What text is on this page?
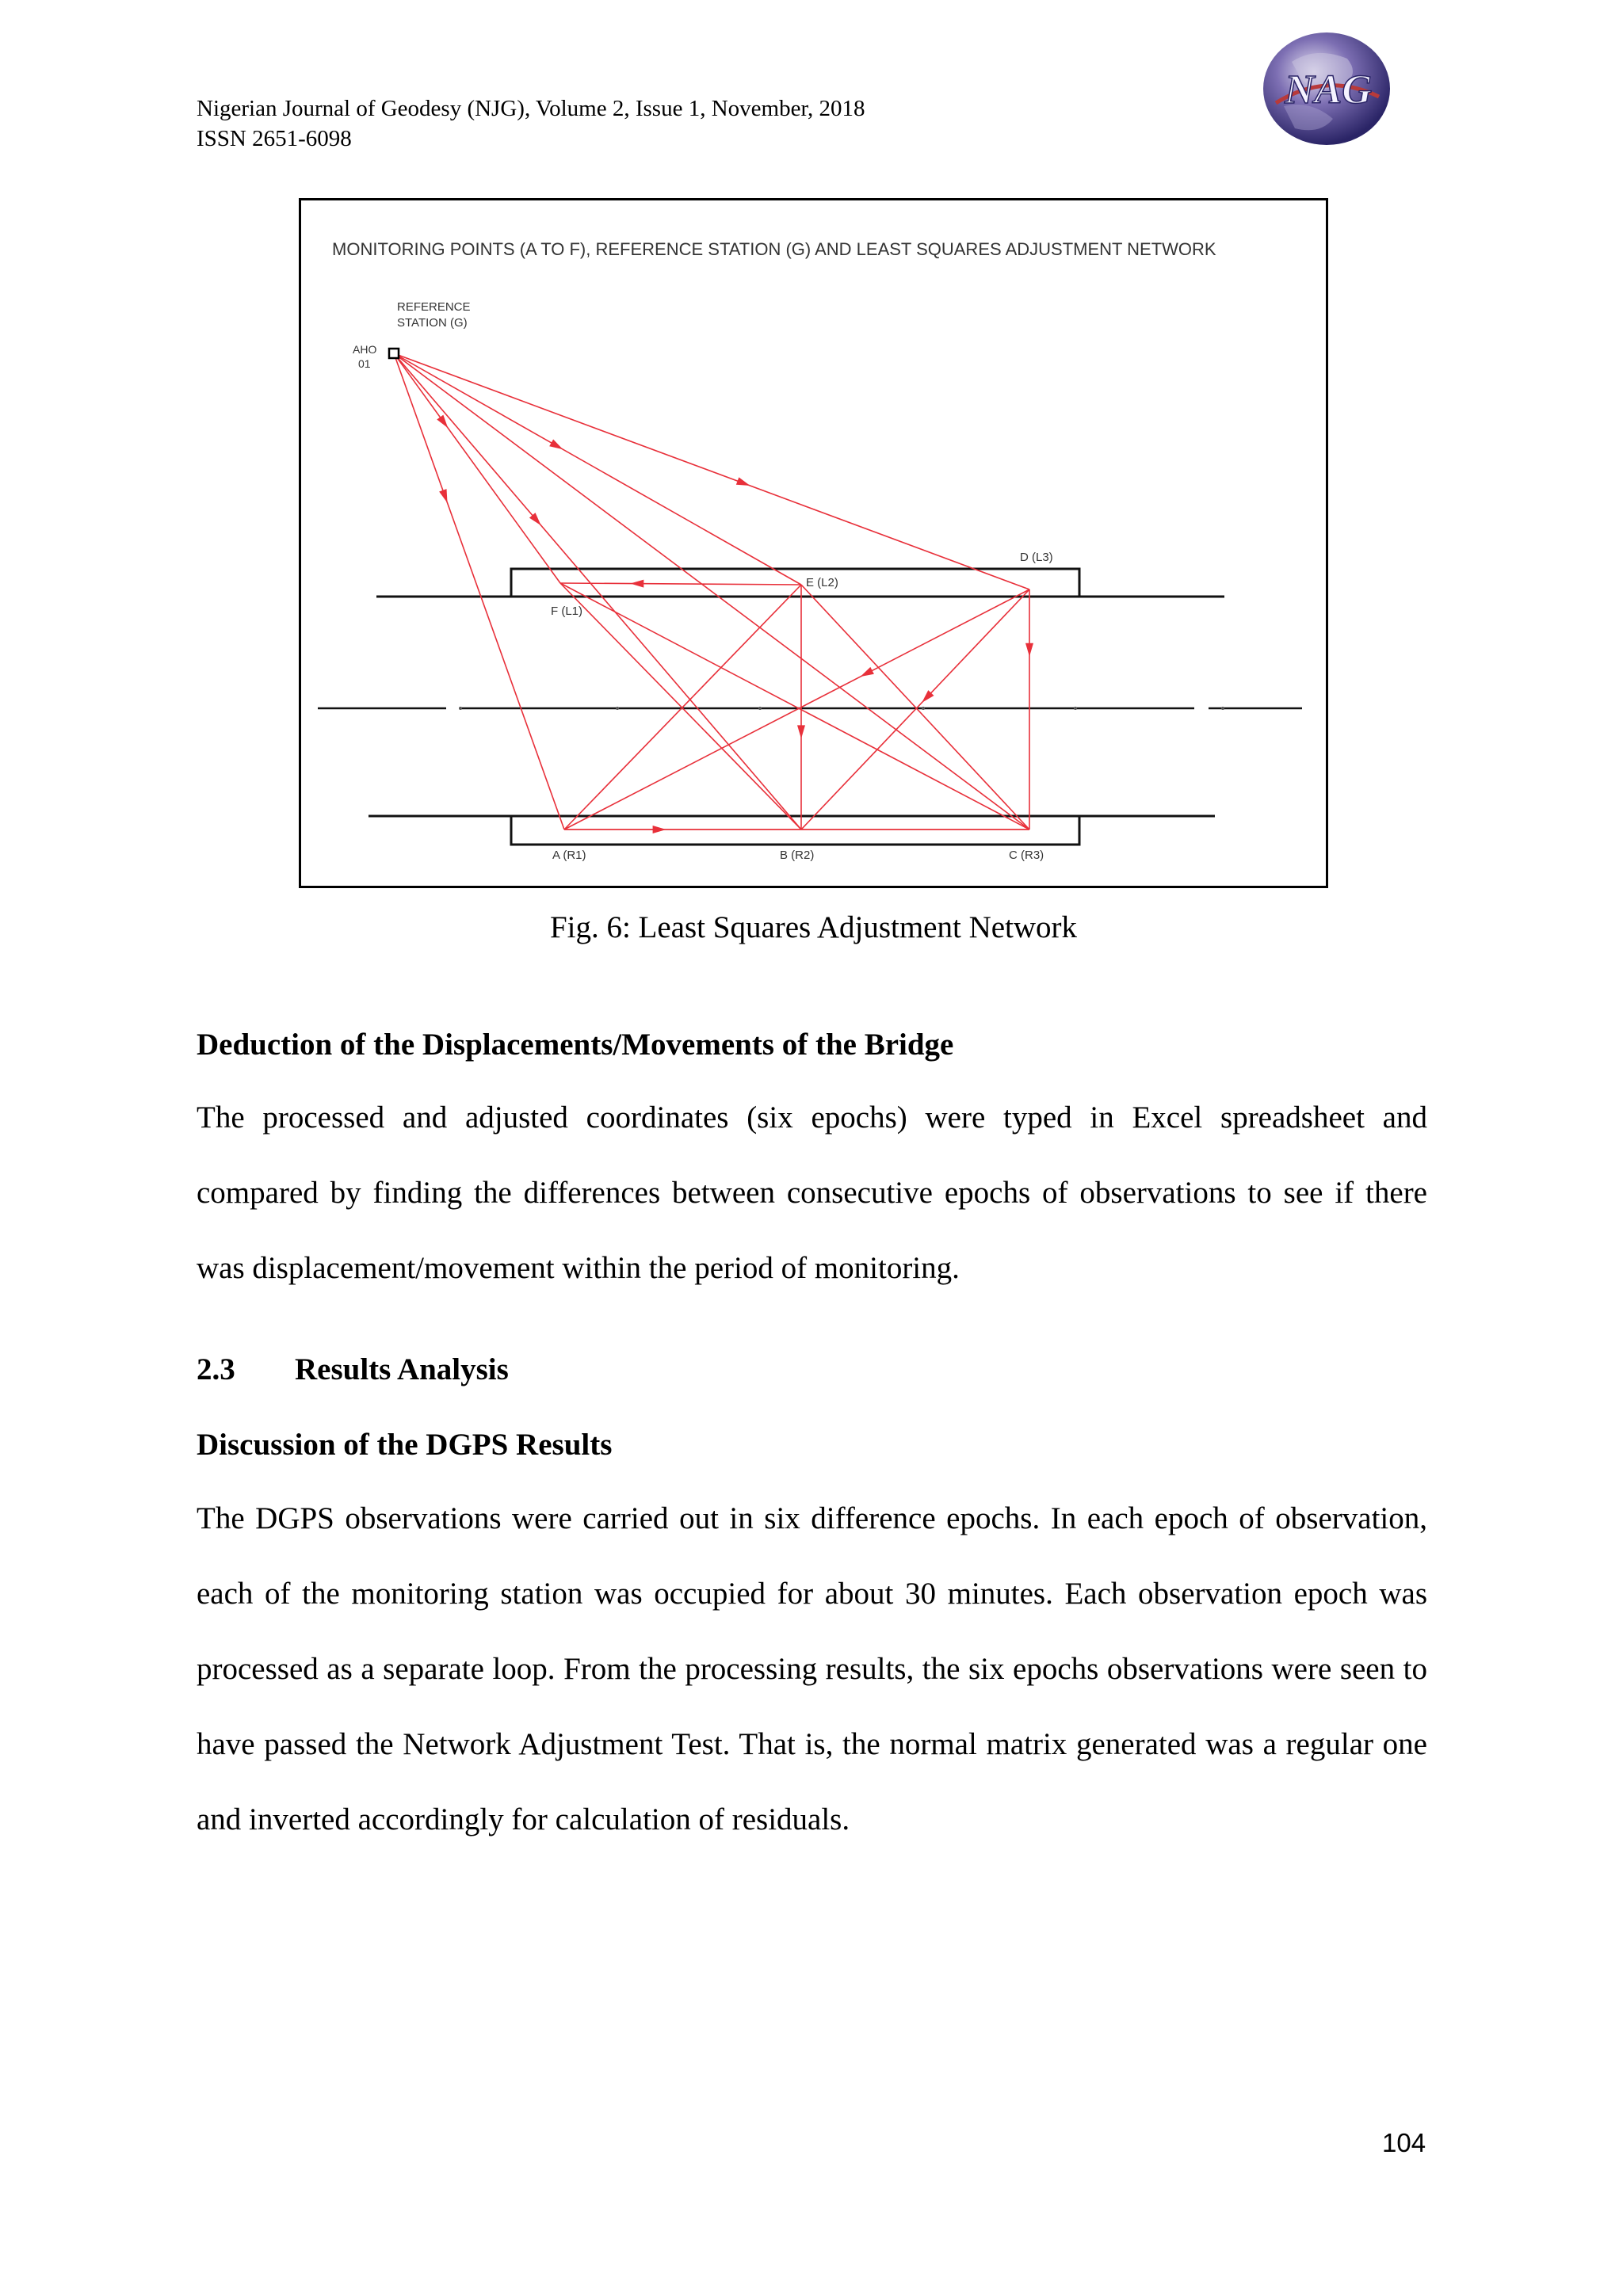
Nigerian Journal of Geodesy (NJG), Volume 2, Issue 1, November, 2018
ISSN 2651-6098
NAG
MONITORING POINTS (A TO F), REFERENCE STATION (G) AND LEAST SQUARES ADJUSTMENT NETWORK
REFERENCE
STATION (G)
AHO
01
D (L3)
E (L2)
F (L1)
A (R1)	B (R2)	C (R3)
Fig. 6: Least Squares Adjustment Network
Deduction of the Displacements/Movements of the Bridge
The processed and adjusted coordinates (six epochs) were typed in Excel spreadsheet and compared by finding the differences between consecutive epochs of observations to see if there was displacement/movement within the period of monitoring.
2.3 Results Analysis
Discussion of the DGPS Results
The DGPS observations were carried out in six difference epochs. In each epoch of observation, each of the monitoring station was occupied for about 30 minutes. Each observation epoch was processed as a separate loop. From the processing results, the six epochs observations were seen to have passed the Network Adjustment Test. That is, the normal matrix generated was a regular one and inverted accordingly for calculation of residuals.
104
